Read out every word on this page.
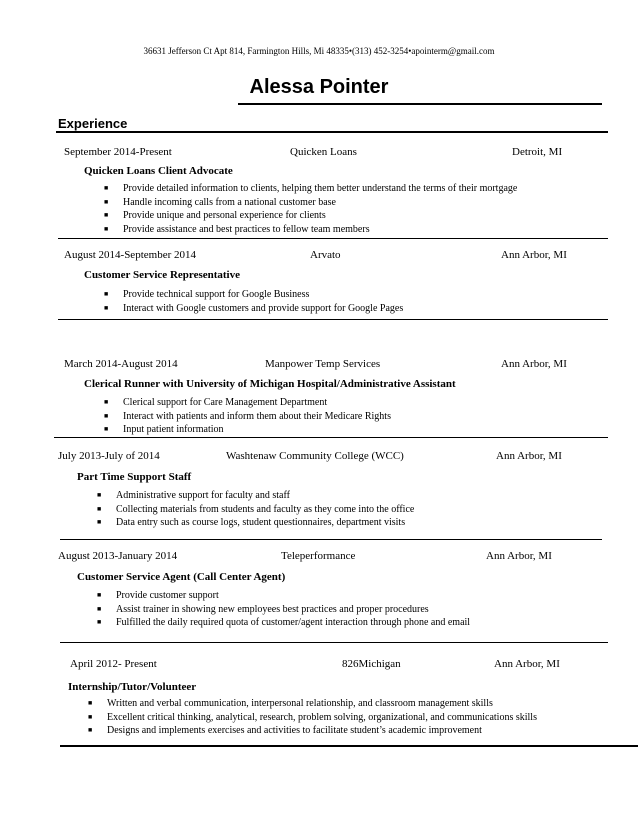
36631 Jefferson Ct Apt 814, Farmington Hills, Mi 48335•(313) 452-3254•apointerm@gmail.com
Alessa Pointer
Experience
September 2014-Present	Quicken Loans	Detroit, MI
Quicken Loans Client Advocate
■ Provide detailed information to clients, helping them better understand the terms of their mortgage
■ Handle incoming calls from a national customer base
■ Provide unique and personal experience for clients
■ Provide assistance and best practices to fellow team members
August 2014-September 2014	Arvato	Ann Arbor, MI
Customer Service Representative
■ Provide technical support for Google Business
■ Interact with Google customers and provide support for Google Pages
March 2014-August 2014	Manpower Temp Services	Ann Arbor, MI
Clerical Runner with University of Michigan Hospital/Administrative Assistant
■ Clerical support for Care Management Department
■ Interact with patients and inform them about their Medicare Rights
■ Input patient information
July 2013-July of 2014	Washtenaw Community College (WCC)	Ann Arbor, MI
Part Time Support Staff
■ Administrative support for faculty and staff
■ Collecting materials from students and faculty as they come into the office
■ Data entry such as course logs, student questionnaires, department visits
August 2013-January 2014	Teleperformance	Ann Arbor, MI
Customer Service Agent (Call Center Agent)
■ Provide customer support
■ Assist trainer in showing new employees best practices and proper procedures
■ Fulfilled the daily required quota of customer/agent interaction through phone and email
April 2012- Present	826Michigan	Ann Arbor, MI
Internship/Tutor/Volunteer
■ Written and verbal communication, interpersonal relationship, and classroom management skills
■ Excellent critical thinking, analytical, research, problem solving, organizational, and communications skills
■ Designs and implements exercises and activities to facilitate student’s academic improvement
